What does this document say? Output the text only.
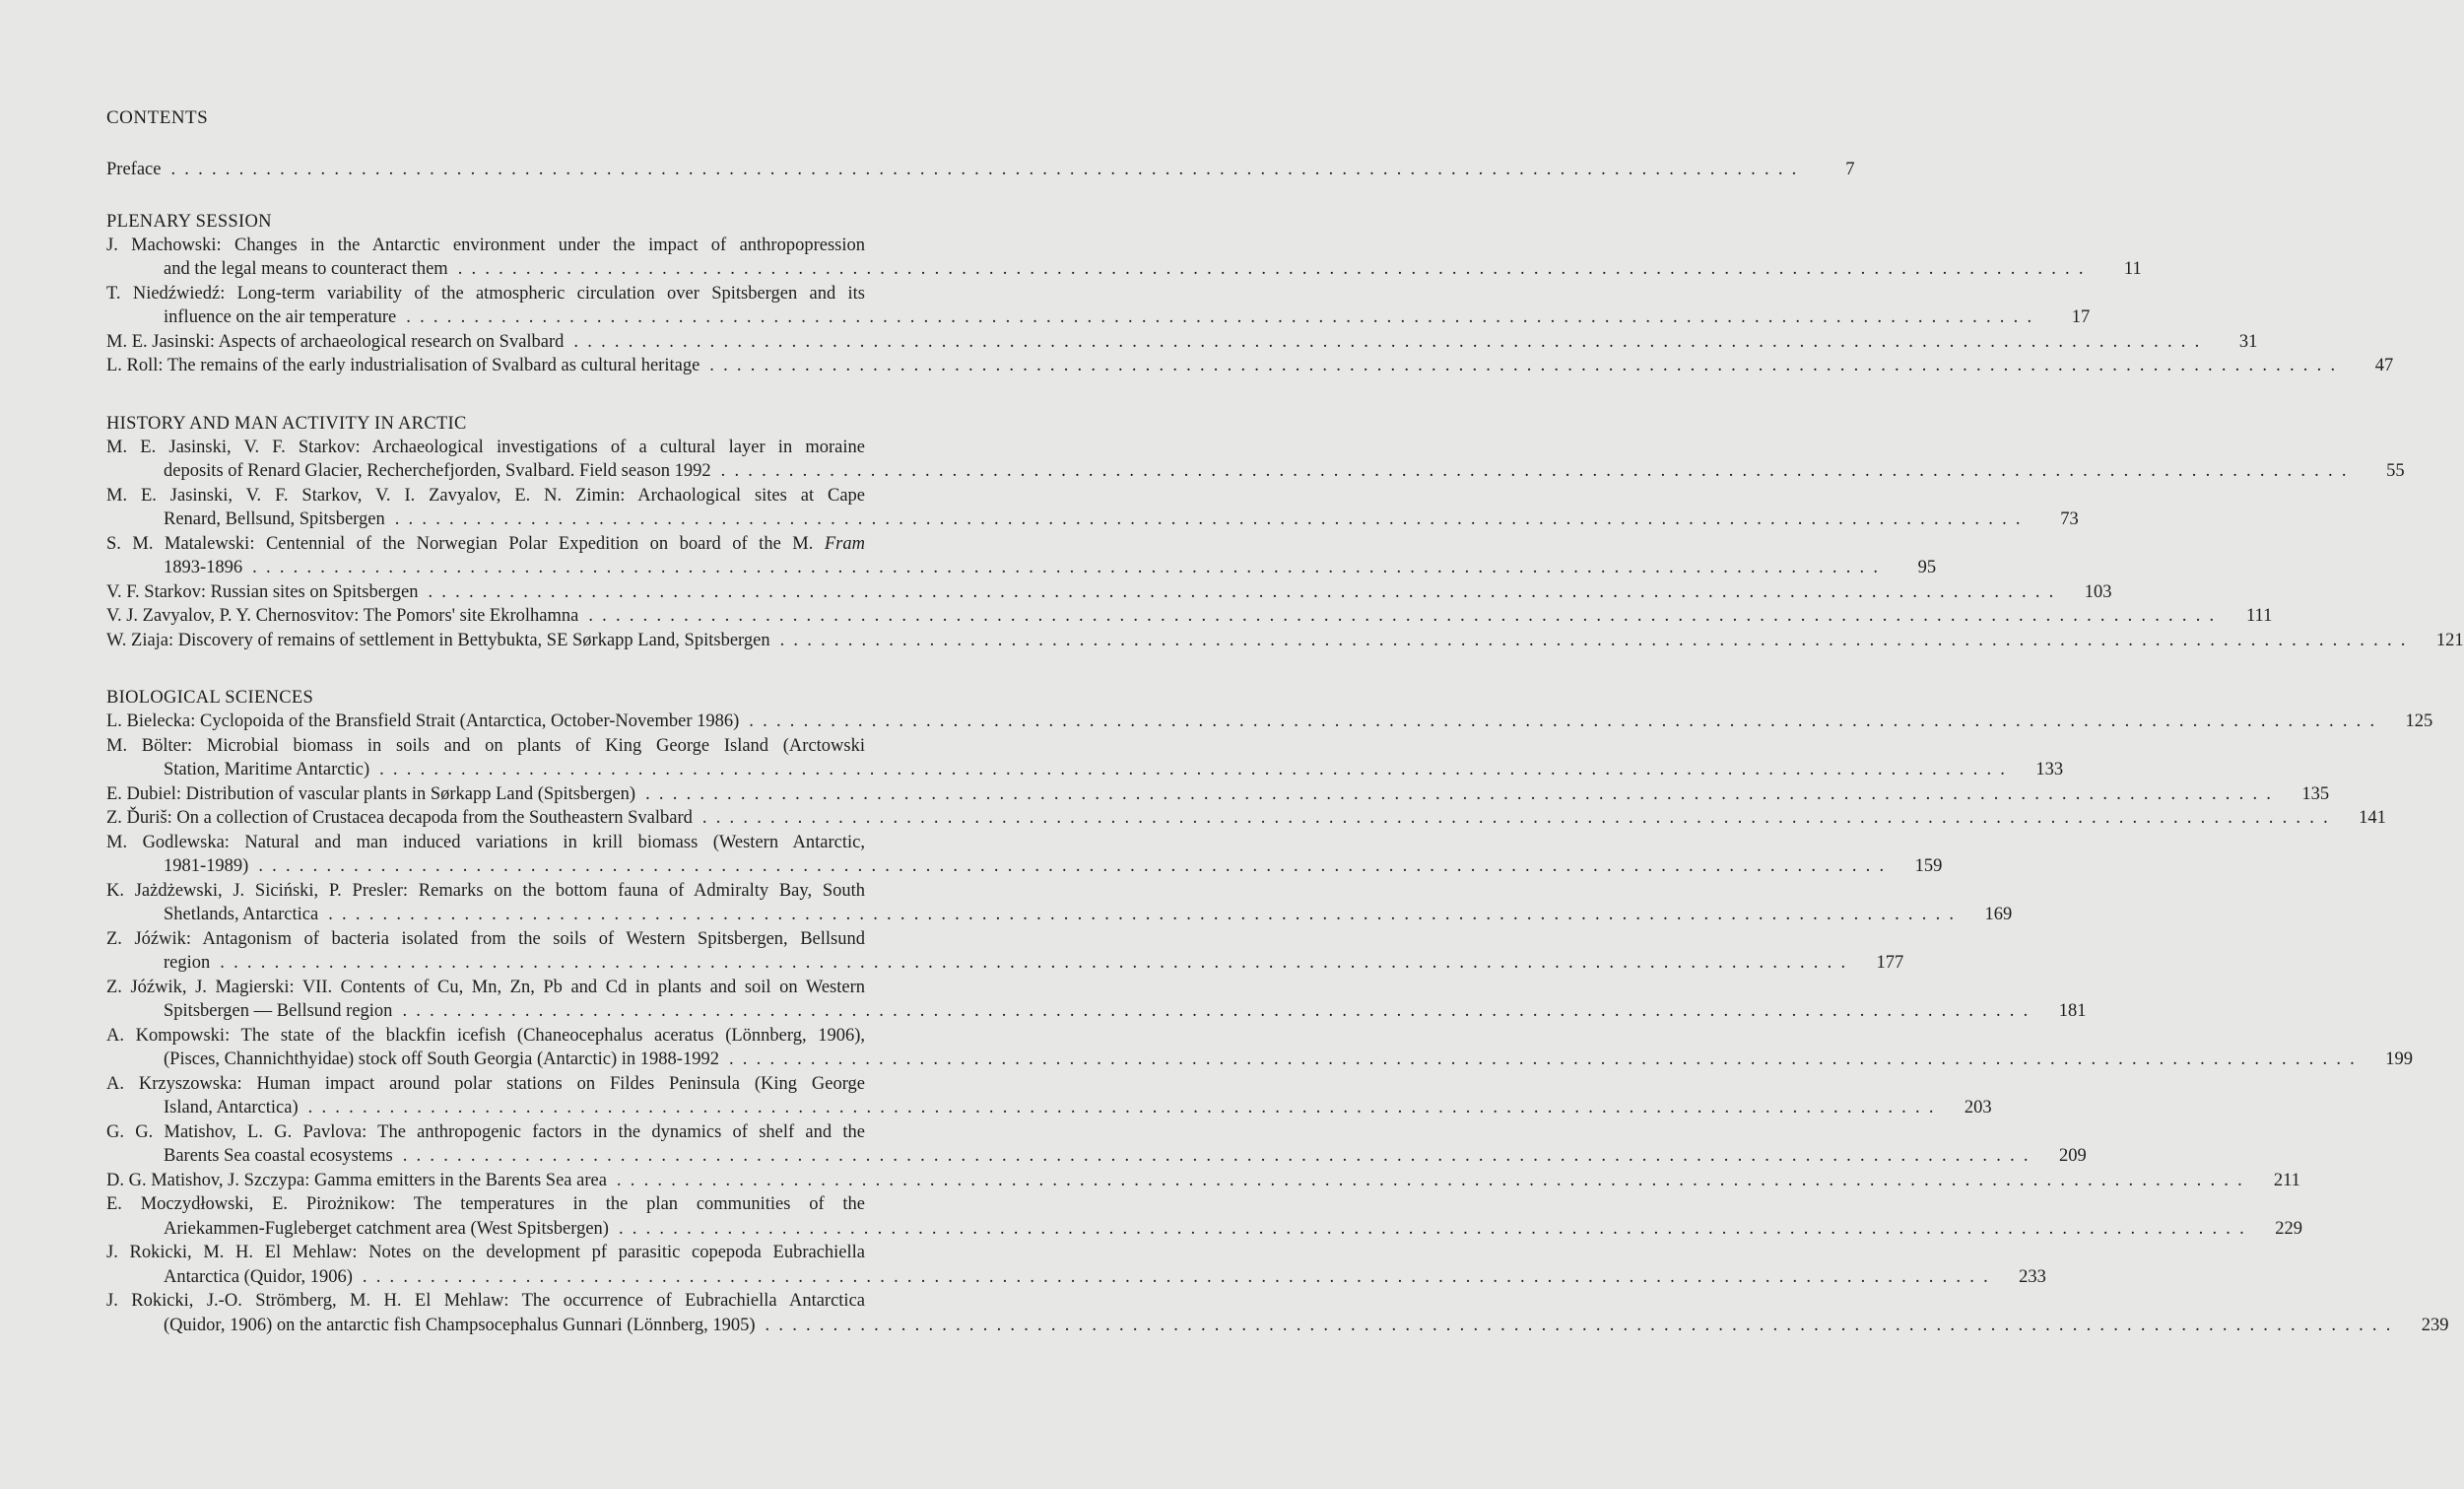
CONTENTS
Preface ........................................................................................................................	7
PLENARY SESSION
J. Machowski: Changes in the Antarctic environment under the impact of anthropopression
and the legal means to counteract them ........................................................................................................................	11
T. Niedźwiedź: Long-term variability of the atmospheric circulation over Spitsbergen and its
influence on the air temperature ........................................................................................................................	17
M. E. Jasinski: Aspects of archaeological research on Svalbard ........................................................................................................................	31
L. Roll: The remains of the early industrialisation of Svalbard as cultural heritage ........................................................................................................................	47
HISTORY AND MAN ACTIVITY IN ARCTIC
M. E. Jasinski, V. F. Starkov: Archaeological investigations of a cultural layer in moraine
deposits of Renard Glacier, Recherchefjorden, Svalbard. Field season 1992 ........................................................................................................................	55
M. E. Jasinski, V. F. Starkov, V. I. Zavyalov, E. N. Zimin: Archaological sites at Cape
Renard, Bellsund, Spitsbergen ........................................................................................................................	73
S. M. Matalewski: Centennial of the Norwegian Polar Expedition on board of the M. Fram
1893-1896 ........................................................................................................................	95
V. F. Starkov: Russian sites on Spitsbergen ........................................................................................................................	103
V. J. Zavyalov, P. Y. Chernosvitov: The Pomors' site Ekrolhamna ........................................................................................................................	111
W. Ziaja: Discovery of remains of settlement in Bettybukta, SE Sørkapp Land, Spitsbergen ........................................................................................................................	121
BIOLOGICAL SCIENCES
L. Bielecka: Cyclopoida of the Bransfield Strait (Antarctica, October-November 1986) ........................................................................................................................	125
M. Bölter: Microbial biomass in soils and on plants of King George Island (Arctowski
Station, Maritime Antarctic) ........................................................................................................................	133
E. Dubiel: Distribution of vascular plants in Sørkapp Land (Spitsbergen) ........................................................................................................................	135
Z. Ďuriš: On a collection of Crustacea decapoda from the Southeastern Svalbard ........................................................................................................................	141
M. Godlewska: Natural and man induced variations in krill biomass (Western Antarctic,
1981-1989) ........................................................................................................................	159
K. Jażdżewski, J. Siciński, P. Presler: Remarks on the bottom fauna of Admiralty Bay, South
Shetlands, Antarctica ........................................................................................................................	169
Z. Jóźwik: Antagonism of bacteria isolated from the soils of Western Spitsbergen, Bellsund
region ........................................................................................................................	177
Z. Jóźwik, J. Magierski: VII. Contents of Cu, Mn, Zn, Pb and Cd in plants and soil on Western
Spitsbergen — Bellsund region ........................................................................................................................	181
A. Kompowski: The state of the blackfin icefish (Chaneocephalus aceratus (Lönnberg, 1906),
(Pisces, Channichthyidae) stock off South Georgia (Antarctic) in 1988-1992 ........................................................................................................................	199
A. Krzyszowska: Human impact around polar stations on Fildes Peninsula (King George
Island, Antarctica) ........................................................................................................................	203
G. G. Matishov, L. G. Pavlova: The anthropogenic factors in the dynamics of shelf and the
Barents Sea coastal ecosystems ........................................................................................................................	209
D. G. Matishov, J. Szczypa: Gamma emitters in the Barents Sea area ........................................................................................................................	211
E. Moczydłowski, E. Pirożnikow: The temperatures in the plan communities of the
Ariekammen-Fugleberget catchment area (West Spitsbergen) ........................................................................................................................	229
J. Rokicki, M. H. El Mehlaw: Notes on the development pf parasitic copepoda Eubrachiella
Antarctica (Quidor, 1906) ........................................................................................................................	233
J. Rokicki, J.-O. Strömberg, M. H. El Mehlaw: The occurrence of Eubrachiella Antarctica
(Quidor, 1906) on the antarctic fish Champsocephalus Gunnari (Lönnberg, 1905) ........................................................................................................................	239
